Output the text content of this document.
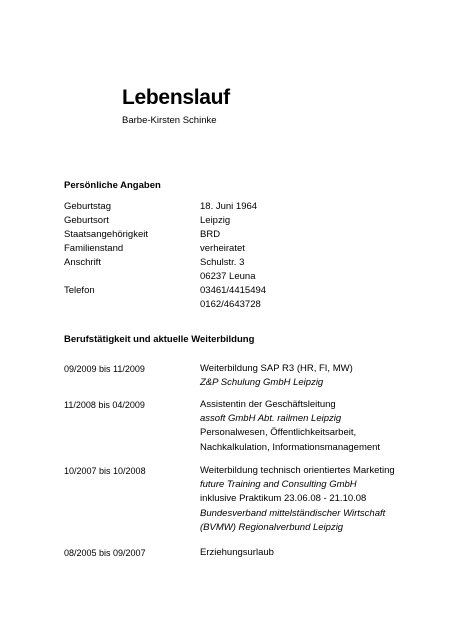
Lebenslauf
Barbe-Kirsten Schinke
Persönliche Angaben
Geburtstag	18. Juni 1964
Geburtsort	Leipzig
Staatsangehörigkeit	BRD
Familienstand	verheiratet
Anschrift	Schulstr. 3
06237 Leuna
Telefon	03461/4415494
0162/4643728
Berufstätigkeit und aktuelle Weiterbildung
09/2009 bis 11/2009	Weiterbildung SAP R3 (HR, FI, MW)
Z&P Schulung GmbH Leipzig
11/2008 bis 04/2009	Assistentin der Geschäftsleitung
assoft GmbH Abt. railmen Leipzig
Personalwesen, Öffentlichkeitsarbeit,
Nachkalkulation, Informationsmanagement
10/2007 bis 10/2008	Weiterbildung technisch orientiertes Marketing
future Training and Consulting GmbH
inklusive Praktikum 23.06.08 - 21.10.08
Bundesverband mittelständischer Wirtschaft
(BVMW) Regionalverbund Leipzig
08/2005 bis 09/2007	Erziehungsurlaub
